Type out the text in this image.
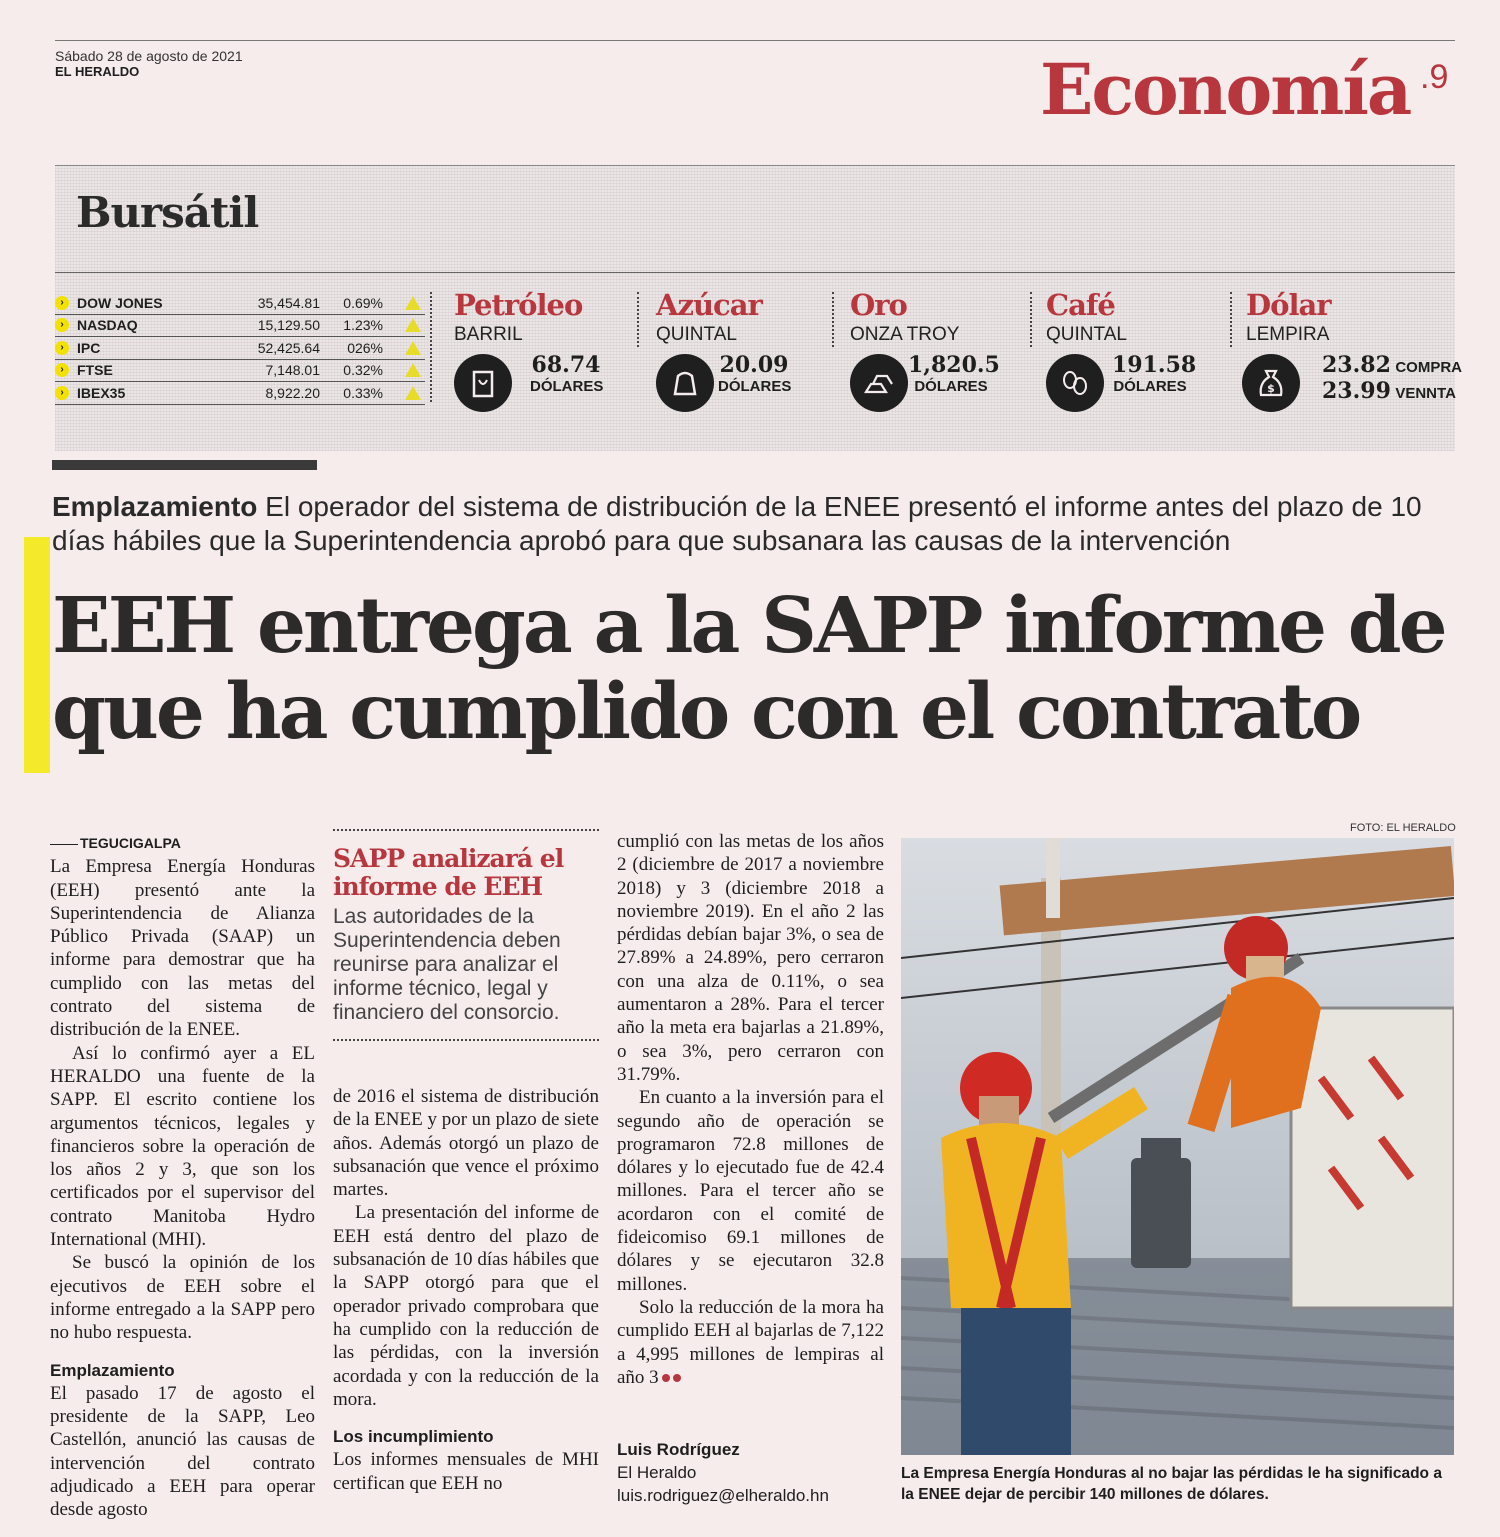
Sábado 28 de agosto de 2021
EL HERALDO	Economía .9
Bursátil
› DOW JONES	35,454.81	0.69%
› NASDAQ	15,129.50	1.23%
› IPC	52,425.64	026%
› FTSE	7,148.01	0.32%
› IBEX35	8,922.20	0.33%
Petróleo
BARRIL
68.74
DÓLARES
Azúcar
QUINTAL
20.09
DÓLARES
Oro
ONZA TROY
1,820.5
DÓLARES
Café
QUINTAL
191.58
DÓLARES
Dólar
LEMPIRA
$
23.82 COMPRA
23.99 VENNTA
Emplazamiento El operador del sistema de distribución de la ENEE presentó el informe antes del plazo de 10 días hábiles que la Superintendencia aprobó para que subsanara las causas de la intervención
EEH entrega a la SAPP informe de que ha cumplido con el contrato
TEGUCIGALPA

La Empresa Energía Honduras (EEH) presentó ante la Superintendencia de Alianza Público Privada (SAAP) un informe para demostrar que ha cumplido con las metas del contrato del sistema de distribución de la ENEE.

Así lo confirmó ayer a EL HERALDO una fuente de la SAPP. El escrito contiene los argumentos técnicos, legales y financieros sobre la operación de los años 2 y 3, que son los certificados por el supervisor del contrato Manitoba Hydro International (MHI).

Se buscó la opinión de los ejecutivos de EEH sobre el informe entregado a la SAPP pero no hubo respuesta.

Emplazamiento

El pasado 17 de agosto el presidente de la SAPP, Leo Castellón, anunció las causas de intervención del contrato adjudicado a EEH para operar desde agosto

SAPP analizará el informe de EEH
Las autoridades de la Superintendencia deben reunirse para analizar el informe técnico, legal y financiero del consorcio.

de 2016 el sistema de distribución de la ENEE y por un plazo de siete años. Además otorgó un plazo de subsanación que vence el próximo martes.

La presentación del informe de EEH está dentro del plazo de subsanación de 10 días hábiles que la SAPP otorgó para que el operador privado comprobara que ha cumplido con la reducción de las pérdidas, con la inversión acordada y con la reducción de la mora.

Los incumplimiento

Los informes mensuales de MHI certifican que EEH no

cumplió con las metas de los años 2 (diciembre de 2017 a noviembre 2018) y 3 (diciembre 2018 a noviembre 2019). En el año 2 las pérdidas debían bajar 3%, o sea de 27.89% a 24.89%, pero cerraron con una alza de 0.11%, o sea aumentaron a 28%. Para el tercer año la meta era bajarlas a 21.89%, o sea 3%, pero cerraron con 31.79%.

En cuanto a la inversión para el segundo año de operación se programaron 72.8 millones de dólares y lo ejecutado fue de 42.4 millones. Para el tercer año se acordaron con el comité de fideicomiso 69.1 millones de dólares y se ejecutaron 32.8 millones.

Solo la reducción de la mora ha cumplido EEH al bajarlas de 7,122 a 4,995 millones de lempiras al año 3

Luis Rodríguez
El Heraldo
luis.rodriguez@elheraldo.hn
FOTO: EL HERALDO
La Empresa Energía Honduras al no bajar las pérdidas le ha significado a la ENEE dejar de percibir 140 millones de dólares.
